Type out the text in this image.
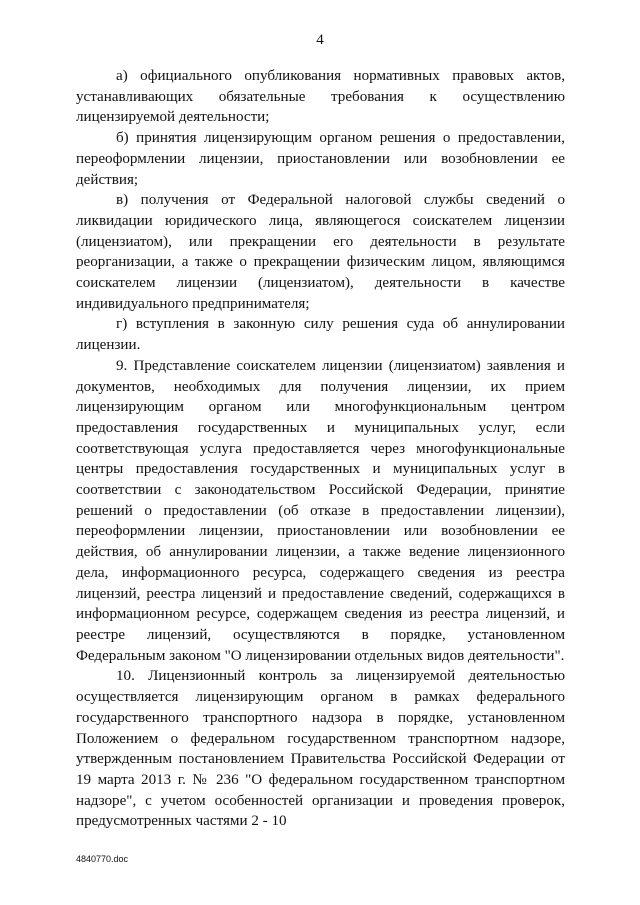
4

а) официального опубликования нормативных правовых актов, устанавливающих обязательные требования к осуществлению лицензируемой деятельности;

б) принятия лицензирующим органом решения о предоставлении, переоформлении лицензии, приостановлении или возобновлении ее действия;

в) получения от Федеральной налоговой службы сведений о ликвидации юридического лица, являющегося соискателем лицензии (лицензиатом), или прекращении его деятельности в результате реорганизации, а также о прекращении физическим лицом, являющимся соискателем лицензии (лицензиатом), деятельности в качестве индивидуального предпринимателя;

г) вступления в законную силу решения суда об аннулировании лицензии.

9. Представление соискателем лицензии (лицензиатом) заявления и документов, необходимых для получения лицензии, их прием лицензирующим органом или многофункциональным центром предоставления государственных и муниципальных услуг, если соответствующая услуга предоставляется через многофункциональные центры предоставления государственных и муниципальных услуг в соответствии с законодательством Российской Федерации, принятие решений о предоставлении (об отказе в предоставлении лицензии), переоформлении лицензии, приостановлении или возобновлении ее действия, об аннулировании лицензии, а также ведение лицензионного дела, информационного ресурса, содержащего сведения из реестра лицензий, реестра лицензий и предоставление сведений, содержащихся в информационном ресурсе, содержащем сведения из реестра лицензий, и реестре лицензий, осуществляются в порядке, установленном Федеральным законом "О лицензировании отдельных видов деятельности".

10. Лицензионный контроль за лицензируемой деятельностью осуществляется лицензирующим органом в рамках федерального государственного транспортного надзора в порядке, установленном Положением о федеральном государственном транспортном надзоре, утвержденным постановлением Правительства Российской Федерации от 19 марта 2013 г. № 236 "О федеральном государственном транспортном надзоре", с учетом особенностей организации и проведения проверок, предусмотренных частями 2 - 10

4840770.doc
